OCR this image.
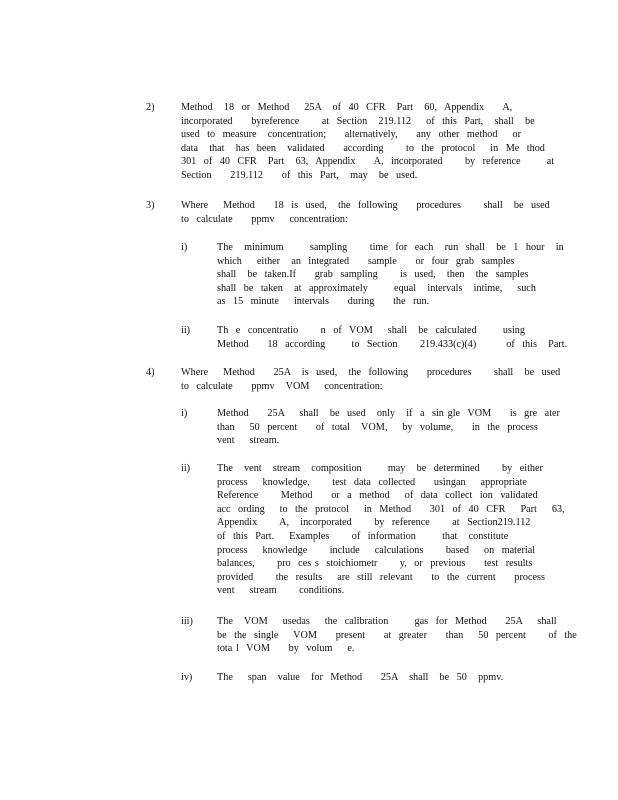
2)	Method   18  or  Method    25A   of  40  CFR   Part   60,  Appendix     A,
incorporated     byreference      at  Section   219.112    of  this  Part,   shall   be
used  to  measure   concentration;     alternatively,     any  other  method    or
data   that   has  been   validated     according      to  the  protocol    in  Me  thod
301  of  40  CFR   Part   63,  Appendix     A,  incorporated      by  reference       at
Section     219.112     of  this  Part,   may   be  used.
3)	Where    Method     18  is  used,   the  following     procedures      shall   be  used
to  calculate     ppmv    concentration:
i)	The   minimum       sampling      time  for  each   run  shall   be  1  hour   in
which    either   an  integrated     sample     or  four  grab  samples
shall   be  taken.If     grab  sampling      is  used,   then   the  samples
shall  be  taken   at  approximately       equal   intervals   intime,    such
as  15  minute    intervals     during     the  run.
ii)	Th  e  concentratio      n  of  VOM    shall   be  calculated       using
Method     18  according       to  Section      219.433(c)(4)        of  this   Part.
4)	Where    Method     25A   is  used,   the  following     procedures      shall   be  used
to  calculate     ppmv   VOM    concentration:
i)	Method     25A    shall   be  used   only   if  a  sin gle  VOM     is  gre  ater
than    50  percent     of  total   VOM,    by  volume,     in  the  process
vent    stream.
ii)	The   vent   stream   composition       may   be  determined      by  either
process    knowledge,      test  data  collected     usingan    appropriate
Reference      Method     or  a  method    of  data  collect  ion  validated
acc  ording    to  the  protocol    in  Method     301  of  40  CFR    Part    63,
Appendix      A,   incorporated      by  reference      at  Section219.112
of  this  Part.    Examples      of  information       that   constitute
process    knowledge      include    calculations      based    on  material
balances,      pro  ces s  stoichiometr      y,  or  previous     test  results
provided      the  results    are  still  relevant     to  the  current     process
vent    stream      conditions.
iii) The   VOM    usedas    the  calibration       gas  for  Method     25A    shall
be  the  single    VOM     present     at  greater     than    50  percent      of  the
tota l  VOM     by  volum    e.
iv) The    span   value   for  Method     25A   shall   be  50   ppmv.
